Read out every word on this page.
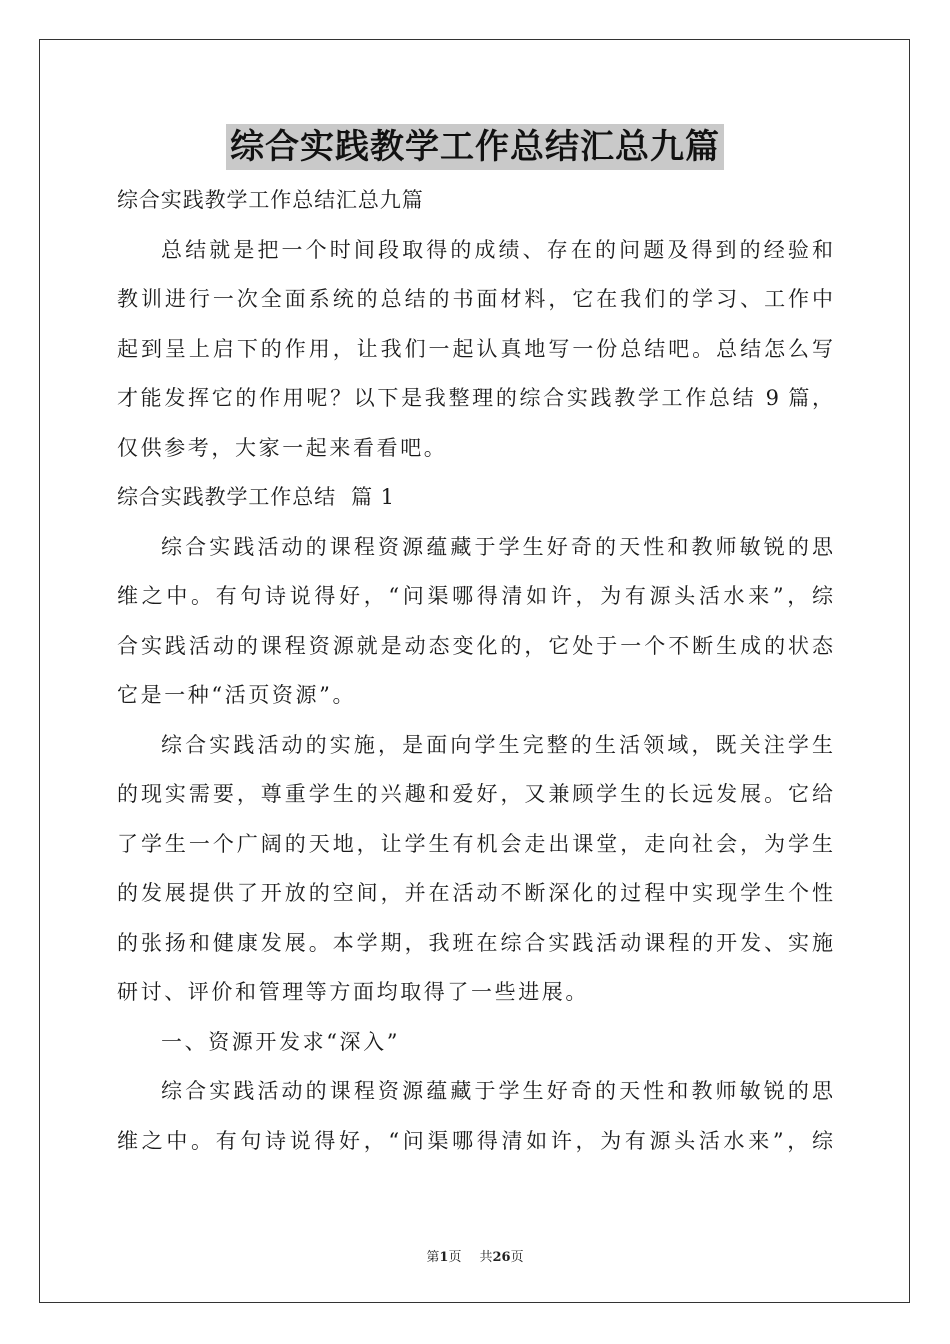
综合实践教学工作总结汇总九篇
综合实践教学工作总结汇总九篇
总结就是把一个时间段取得的成绩、存在的问题及得到的经验和
教训进行一次全面系统的总结的书面材料，它在我们的学习、工作中
起到呈上启下的作用，让我们一起认真地写一份总结吧。总结怎么写
才能发挥它的作用呢？以下是我整理的综合实践教学工作总结 9 篇，
仅供参考，大家一起来看看吧。
综合实践教学工作总结  篇 1
综合实践活动的课程资源蕴藏于学生好奇的天性和教师敏锐的思
维之中。有句诗说得好，“问渠哪得清如许，为有源头活水来”，综
合实践活动的课程资源就是动态变化的，它处于一个不断生成的状态
它是一种“活页资源”。
综合实践活动的实施，是面向学生完整的生活领域，既关注学生
的现实需要，尊重学生的兴趣和爱好，又兼顾学生的长远发展。它给
了学生一个广阔的天地，让学生有机会走出课堂，走向社会，为学生
的发展提供了开放的空间，并在活动不断深化的过程中实现学生个性
的张扬和健康发展。本学期，我班在综合实践活动课程的开发、实施
研讨、评价和管理等方面均取得了一些进展。
一、资源开发求“深入”
综合实践活动的课程资源蕴藏于学生好奇的天性和教师敏锐的思
维之中。有句诗说得好，“问渠哪得清如许，为有源头活水来”，综
第1页 共26页
